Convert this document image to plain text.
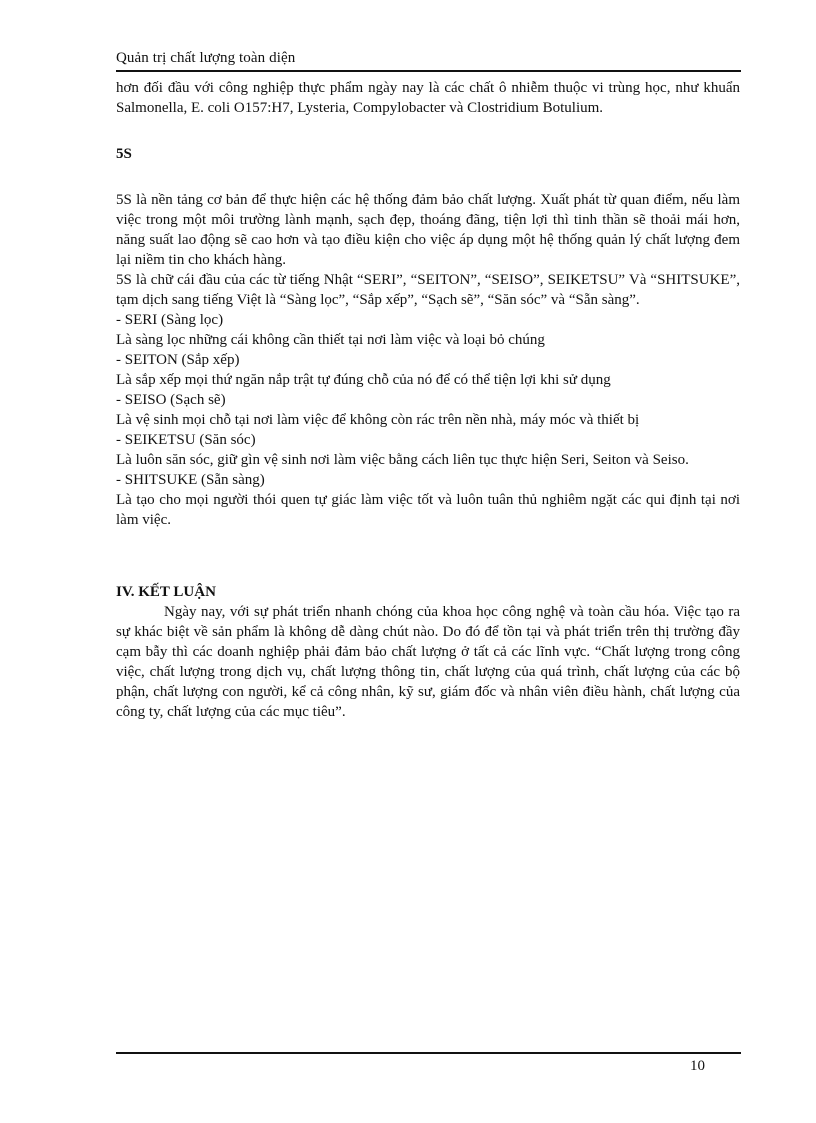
Quản trị chất lượng toàn diện

hơn đối đầu với công nghiệp thực phẩm ngày nay là các chất ô nhiễm thuộc vi trùng học, như khuẩn Salmonella, E. coli O157:H7, Lysteria, Compylobacter và Clostridium Botulium.

5S

5S là nền tảng cơ bản để thực hiện các hệ thống đảm bảo chất lượng. Xuất phát từ quan điểm, nếu làm việc trong một môi trường lành mạnh, sạch đẹp, thoáng đãng, tiện lợi thì tinh thần sẽ thoải mái hơn, năng suất lao động sẽ cao hơn và tạo điều kiện cho việc áp dụng một hệ thống quản lý chất lượng đem lại niềm tin cho khách hàng.

5S là chữ cái đầu của các từ tiếng Nhật “SERI”, “SEITON”, “SEISO”, SEIKETSU” Và “SHITSUKE”, tạm dịch sang tiếng Việt là “Sàng lọc”, “Sắp xếp”, “Sạch sẽ”, “Săn sóc” và “Sẵn sàng”.

- SERI (Sàng lọc)

Là sàng lọc những cái không cần thiết tại nơi làm việc và loại bỏ chúng

- SEITON (Sắp xếp)

Là sắp xếp mọi thứ ngăn nắp trật tự đúng chỗ của nó để có thể tiện lợi khi sử dụng

- SEISO (Sạch sẽ)

Là vệ sinh mọi chỗ tại nơi làm việc để không còn rác trên nền nhà, máy móc và thiết bị

- SEIKETSU (Săn sóc)

Là luôn săn sóc, giữ gìn vệ sinh nơi làm việc bằng cách liên tục thực hiện Seri, Seiton và Seiso.

- SHITSUKE (Sẵn sàng)

Là tạo cho mọi người thói quen tự giác làm việc tốt và luôn tuân thủ nghiêm ngặt các qui định tại nơi làm việc.

IV. KẾT LUẬN

Ngày nay, với sự phát triển nhanh chóng của khoa học công nghệ và toàn cầu hóa. Việc tạo ra sự khác biệt về sản phẩm là không dễ dàng chút nào. Do đó để tồn tại và phát triển trên thị trường đầy cạm bẫy thì các doanh nghiệp phải đảm bảo chất lượng ở tất cả các lĩnh vực. “Chất lượng trong công việc, chất lượng trong dịch vụ, chất lượng thông tin, chất lượng của quá trình, chất lượng của các bộ phận, chất lượng con người, kể cả công nhân, kỹ sư, giám đốc và nhân viên điều hành, chất lượng của công ty, chất lượng của các mục tiêu”.

10
